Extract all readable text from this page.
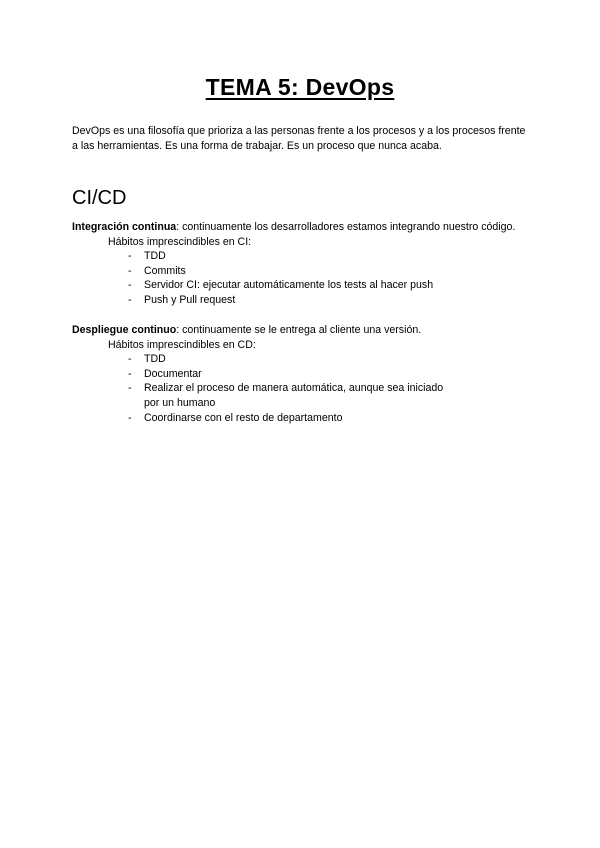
TEMA 5: DevOps

DevOps es una filosofía que prioriza a las personas frente a los procesos y a los procesos frente a las herramientas. Es una forma de trabajar. Es un proceso que nunca acaba.

CI/CD

Integración continua: continuamente los desarrolladores estamos integrando nuestro código.

Hábitos imprescindibles en CI:

- TDD
- Commits
- Servidor CI: ejecutar automáticamente los tests al hacer push
- Push y Pull request

Despliegue continuo: continuamente se le entrega al cliente una versión.

Hábitos imprescindibles en CD:

- TDD
- Documentar
- Realizar el proceso de manera automática, aunque sea iniciado por un humano
- Coordinarse con el resto de departamento
